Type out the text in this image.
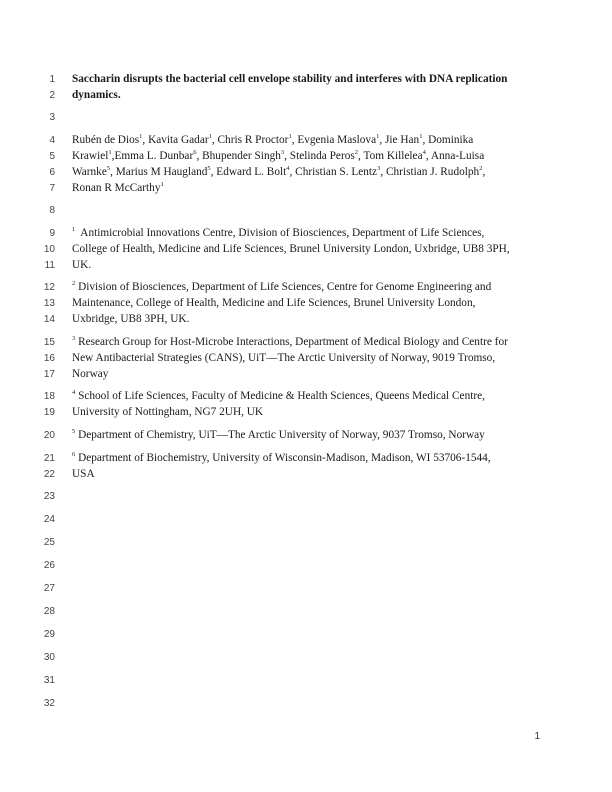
1
2
3
4
5
6
7
8
9
10
11
12
13
14
15
16
17
18
19
20
21
22
23
24
25
26
27
28
29
30
31
32
Saccharin disrupts the bacterial cell envelope stability and interferes with DNA replication
dynamics.
Rubén de Dios$^1$, Kavita Gadar$^1$, Chris R Proctor$^1$, Evgenia Maslova$^1$, Jie Han$^1$, Dominika
Krawiel$^1$,Emma L. Dunbar$^6$, Bhupender Singh$^3$, Stelinda Peros$^2$, Tom Killelea$^4$, Anna-Luisa
Warnke$^5$, Marius M Haugland$^5$, Edward L. Bolt$^4$, Christian S. Lentz$^3$, Christian J. Rudolph$^2$,
Ronan R McCarthy$^1$
$^1$ Antimicrobial Innovations Centre, Division of Biosciences, Department of Life Sciences,
College of Health, Medicine and Life Sciences, Brunel University London, Uxbridge, UB8 3PH,
UK.
$^2$ Division of Biosciences, Department of Life Sciences, Centre for Genome Engineering and
Maintenance, College of Health, Medicine and Life Sciences, Brunel University London,
Uxbridge, UB8 3PH, UK.
$^3$ Research Group for Host-Microbe Interactions, Department of Medical Biology and Centre for
New Antibacterial Strategies (CANS), UiT—The Arctic University of Norway, 9019 Tromso,
Norway
$^4$ School of Life Sciences, Faculty of Medicine & Health Sciences, Queens Medical Centre,
University of Nottingham, NG7 2UH, UK
$^5$ Department of Chemistry, UiT—The Arctic University of Norway, 9037 Tromso, Norway
$^6$ Department of Biochemistry, University of Wisconsin-Madison, Madison, WI 53706-1544,
USA
1
